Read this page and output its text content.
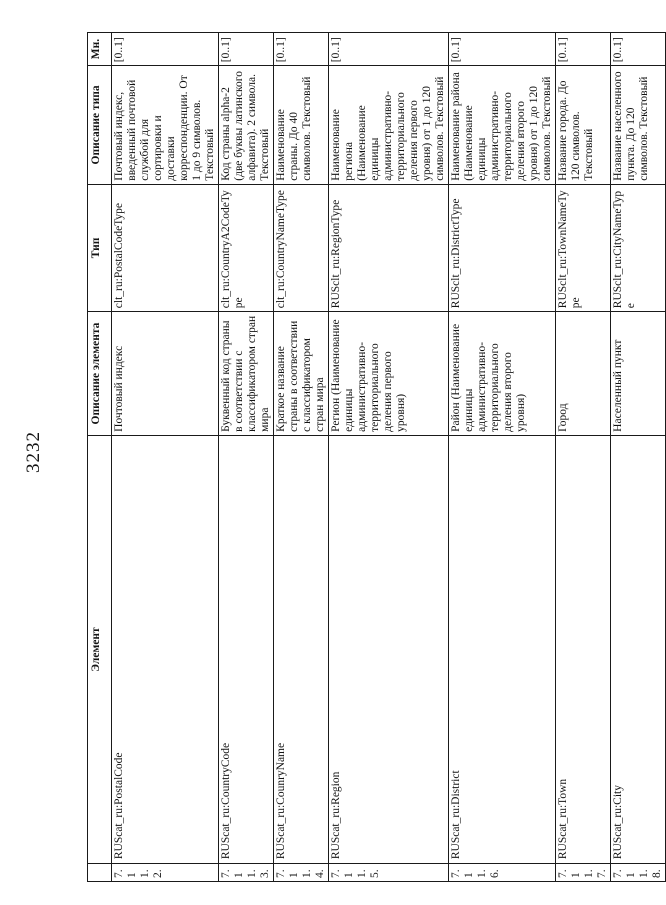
3232
	Элемент	Описание элемента	Тип	Описание типа	Мн.
7.11.2.	RUScat_ru:PostalCode	Почтовый индекс	clt_ru:PostalCodeType	Почтовый индекс, введенный почтовой службой для сортировки и доставки корреспонденции. От 1 до 9 символов. Текстовый	[0..1]
7.11.3.	RUScat_ru:CountryCode	Буквенный код страны в соответствии с классификатором стран мира	clt_ru:CountryA2CodeType	Код страны alpha-2 (две буквы латинского алфавита). 2 символа. Текстовый	[0..1]
7.11.4.	RUScat_ru:CounryName	Краткое название страны в соответствии с классификатором стран мира	clt_ru:CountryNameType	Наименование страны. До 40 символов. Текстовый	[0..1]
7.11.5.	RUScat_ru:Region	Регион (Наименование единицы административно-территориального деления первого уровня)	RUSclt_ru:RegionType	Наименование региона (Наименование единицы административно-территориального деления первого уровня) от 1 до 120 символов. Текстовый	[0..1]
7.11.6.	RUScat_ru:District	Район (Наименование единицы административно-территориального деления второго уровня)	RUSclt_ru:DistrictType	Наименование района (Наименование единицы административно-территориального деления второго уровня) от 1 до 120 символов. Текстовый	[0..1]
7.11.7.	RUScat_ru:Town	Город	RUSclt_ru:TownNameType	Название города. До 120 символов. Текстовый	[0..1]
7.11.8.	RUScat_ru:City	Населенный пункт	RUSclt_ru:CityNameType	Название населенного пункта. До 120 символов. Текстовый	[0..1]
